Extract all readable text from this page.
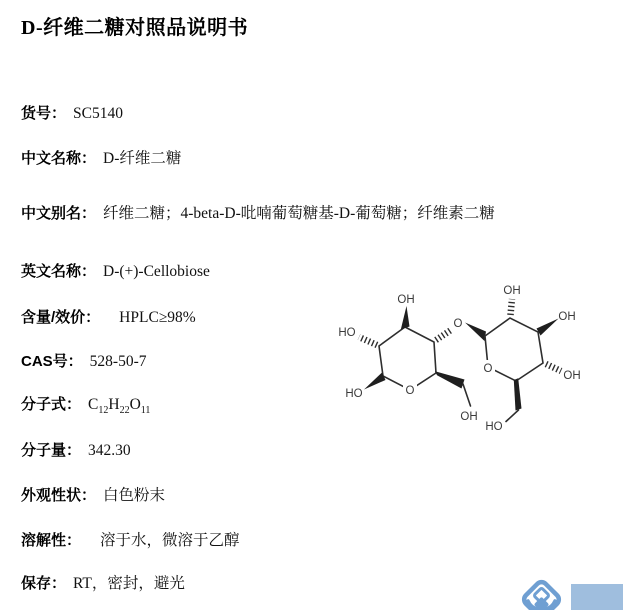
D-纤维二糖对照品说明书
货号： SC5140
中文名称： D-纤维二糖
中文别名： 纤维二糖；4-beta-D-吡喃葡萄糖基-D-葡萄糖；纤维素二糖
英文名称： D-(+)-Cellobiose
含量/效价： HPLC≥98%
CAS号： 528-50-7
分子式： $C_{12}H_{22}O_{11}$
分子量： 342.30
外观性状： 白色粉末
溶解性： 溶于水，微溶于乙醇
保存： RT，密封，避光
O
O
O
OH
HO
HO
OH
OH
OH
OH
HO
